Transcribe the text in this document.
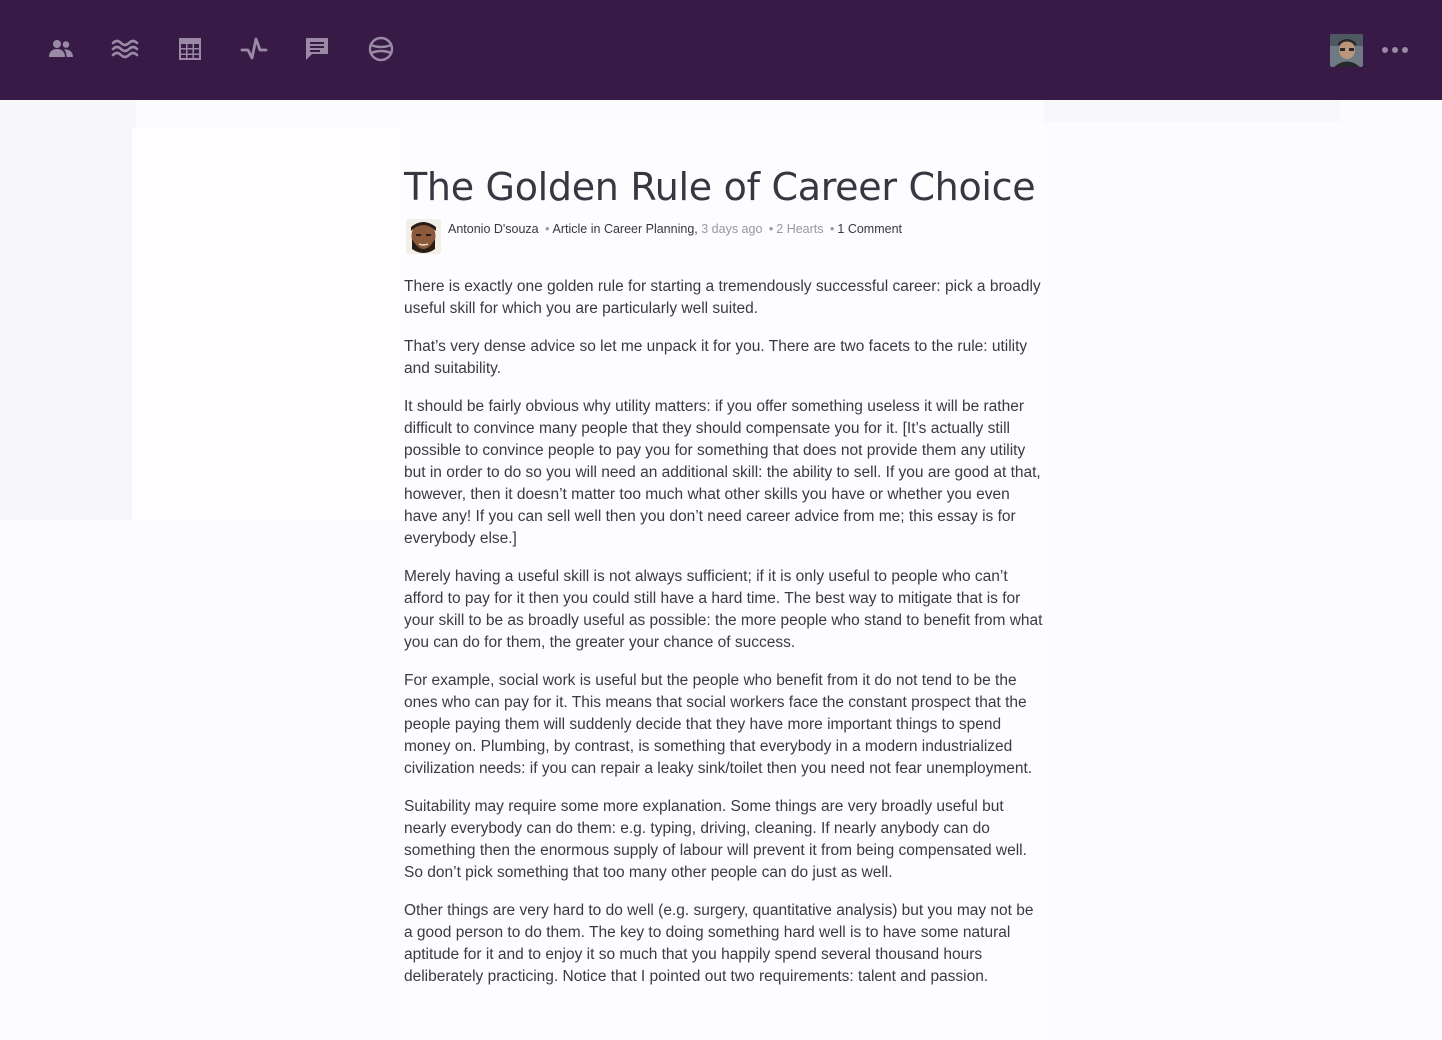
The Golden Rule of Career Choice
Antonio D'souza • Article in Career Planning, 3 days ago • 2 Hearts • 1 Comment

There is exactly one golden rule for starting a tremendously successful career: pick a broadly useful skill for which you are particularly well suited.

That’s very dense advice so let me unpack it for you. There are two facets to the rule: utility and suitability.

It should be fairly obvious why utility matters: if you offer something useless it will be rather difficult to convince many people that they should compensate you for it. [It’s actually still possible to convince people to pay you for something that does not provide them any utility but in order to do so you will need an additional skill: the ability to sell. If you are good at that, however, then it doesn’t matter too much what other skills you have or whether you even have any! If you can sell well then you don’t need career advice from me; this essay is for everybody else.]

Merely having a useful skill is not always sufficient; if it is only useful to people who can’t afford to pay for it then you could still have a hard time. The best way to mitigate that is for your skill to be as broadly useful as possible: the more people who stand to benefit from what you can do for them, the greater your chance of success.

For example, social work is useful but the people who benefit from it do not tend to be the ones who can pay for it. This means that social workers face the constant prospect that the people paying them will suddenly decide that they have more important things to spend money on. Plumbing, by contrast, is something that everybody in a modern industrialized civilization needs: if you can repair a leaky sink/toilet then you need not fear unemployment.

Suitability may require some more explanation. Some things are very broadly useful but nearly everybody can do them: e.g. typing, driving, cleaning. If nearly anybody can do something then the enormous supply of labour will prevent it from being compensated well. So don’t pick something that too many other people can do just as well.

Other things are very hard to do well (e.g. surgery, quantitative analysis) but you may not be a good person to do them. The key to doing something hard well is to have some natural aptitude for it and to enjoy it so much that you happily spend several thousand hours deliberately practicing. Notice that I pointed out two requirements: talent and passion.
